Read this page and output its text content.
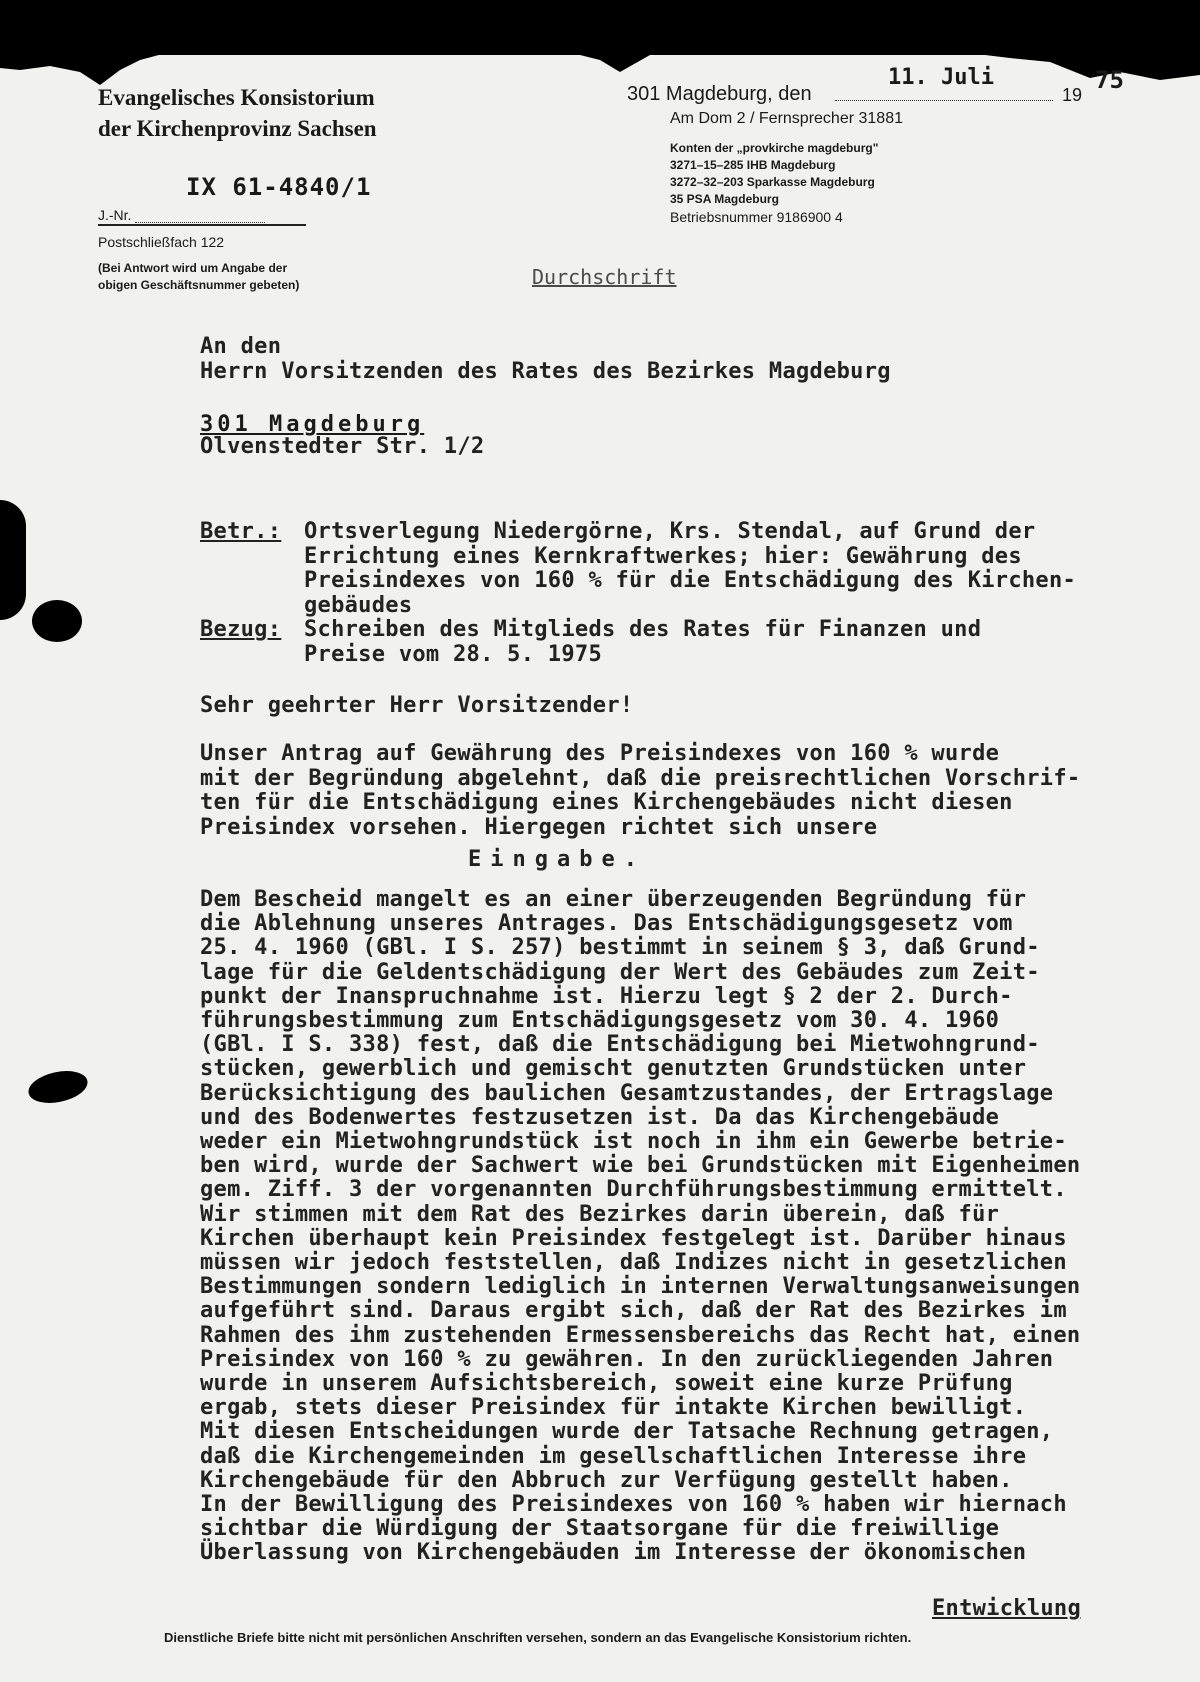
Evangelisches Konsistorium
der Kirchenprovinz Sachsen
IX 61-4840/1
J.-Nr.
Postschließfach 122
(Bei Antwort wird um Angabe der
obigen Geschäftsnummer gebeten)
301 Magdeburg, den
11. Juli
19
75
Am Dom 2 / Fernsprecher 31881
Konten der „provkirche magdeburg"
3271–15–285 IHB Magdeburg
3272–32–203 Sparkasse Magdeburg
35 PSA Magdeburg
Betriebsnummer 9186900 4
Durchschrift
An den
Herrn Vorsitzenden des Rates des Bezirkes Magdeburg
301 Magdeburg
Olvenstedter Str. 1/2
Betr.: Ortsverlegung Niedergörne, Krs. Stendal, auf Grund der
Errichtung eines Kernkraftwerkes; hier: Gewährung des
Preisindexes von 160 % für die Entschädigung des Kirchen-
gebäudes
Bezug: Schreiben des Mitglieds des Rates für Finanzen und
Preise vom 28. 5. 1975
Sehr geehrter Herr Vorsitzender!
Unser Antrag auf Gewährung des Preisindexes von 160 % wurde
mit der Begründung abgelehnt, daß die preisrechtlichen Vorschrif-
ten für die Entschädigung eines Kirchengebäudes nicht diesen
Preisindex vorsehen. Hiergegen richtet sich unsere
Eingabe.
Dem Bescheid mangelt es an einer überzeugenden Begründung für
die Ablehnung unseres Antrages. Das Entschädigungsgesetz vom
25. 4. 1960 (GBl. I S. 257) bestimmt in seinem § 3, daß Grund-
lage für die Geldentschädigung der Wert des Gebäudes zum Zeit-
punkt der Inanspruchnahme ist. Hierzu legt § 2 der 2. Durch-
führungsbestimmung zum Entschädigungsgesetz vom 30. 4. 1960
(GBl. I S. 338) fest, daß die Entschädigung bei Mietwohngrund-
stücken, gewerblich und gemischt genutzten Grundstücken unter
Berücksichtigung des baulichen Gesamtzustandes, der Ertragslage
und des Bodenwertes festzusetzen ist. Da das Kirchengebäude
weder ein Mietwohngrundstück ist noch in ihm ein Gewerbe betrie-
ben wird, wurde der Sachwert wie bei Grundstücken mit Eigenheimen
gem. Ziff. 3 der vorgenannten Durchführungsbestimmung ermittelt.
Wir stimmen mit dem Rat des Bezirkes darin überein, daß für
Kirchen überhaupt kein Preisindex festgelegt ist. Darüber hinaus
müssen wir jedoch feststellen, daß Indizes nicht in gesetzlichen
Bestimmungen sondern lediglich in internen Verwaltungsanweisungen
aufgeführt sind. Daraus ergibt sich, daß der Rat des Bezirkes im
Rahmen des ihm zustehenden Ermessensbereichs das Recht hat, einen
Preisindex von 160 % zu gewähren. In den zurückliegenden Jahren
wurde in unserem Aufsichtsbereich, soweit eine kurze Prüfung
ergab, stets dieser Preisindex für intakte Kirchen bewilligt.
Mit diesen Entscheidungen wurde der Tatsache Rechnung getragen,
daß die Kirchengemeinden im gesellschaftlichen Interesse ihre
Kirchengebäude für den Abbruch zur Verfügung gestellt haben.
In der Bewilligung des Preisindexes von 160 % haben wir hiernach
sichtbar die Würdigung der Staatsorgane für die freiwillige
Überlassung von Kirchengebäuden im Interesse der ökonomischen
Entwicklung
Dienstliche Briefe bitte nicht mit persönlichen Anschriften versehen, sondern an das Evangelische Konsistorium richten.
